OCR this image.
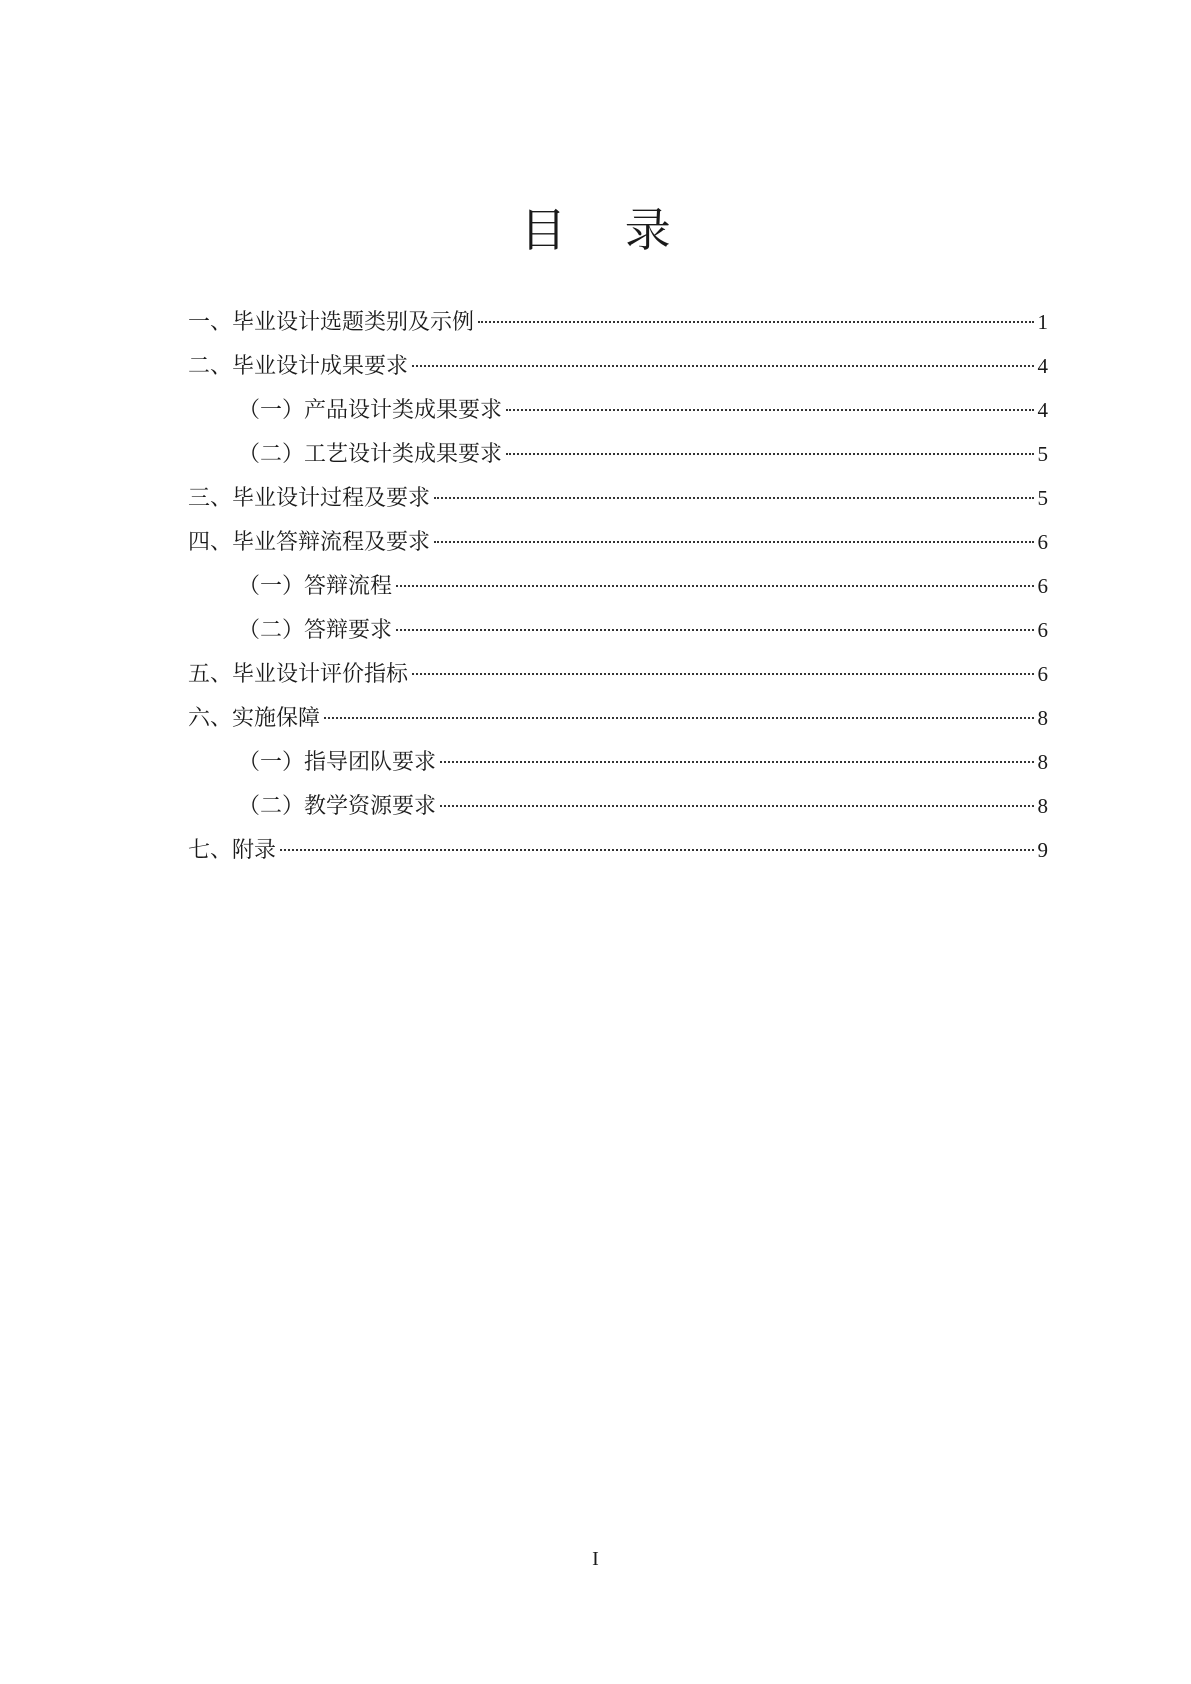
目 录
一、毕业设计选题类别及示例	1
二、毕业设计成果要求	4
（一）产品设计类成果要求	4
（二）工艺设计类成果要求	5
三、毕业设计过程及要求	5
四、毕业答辩流程及要求	6
（一）答辩流程	6
（二）答辩要求	6
五、毕业设计评价指标	6
六、实施保障	8
（一）指导团队要求	8
（二）教学资源要求	8
七、附录	9
I
